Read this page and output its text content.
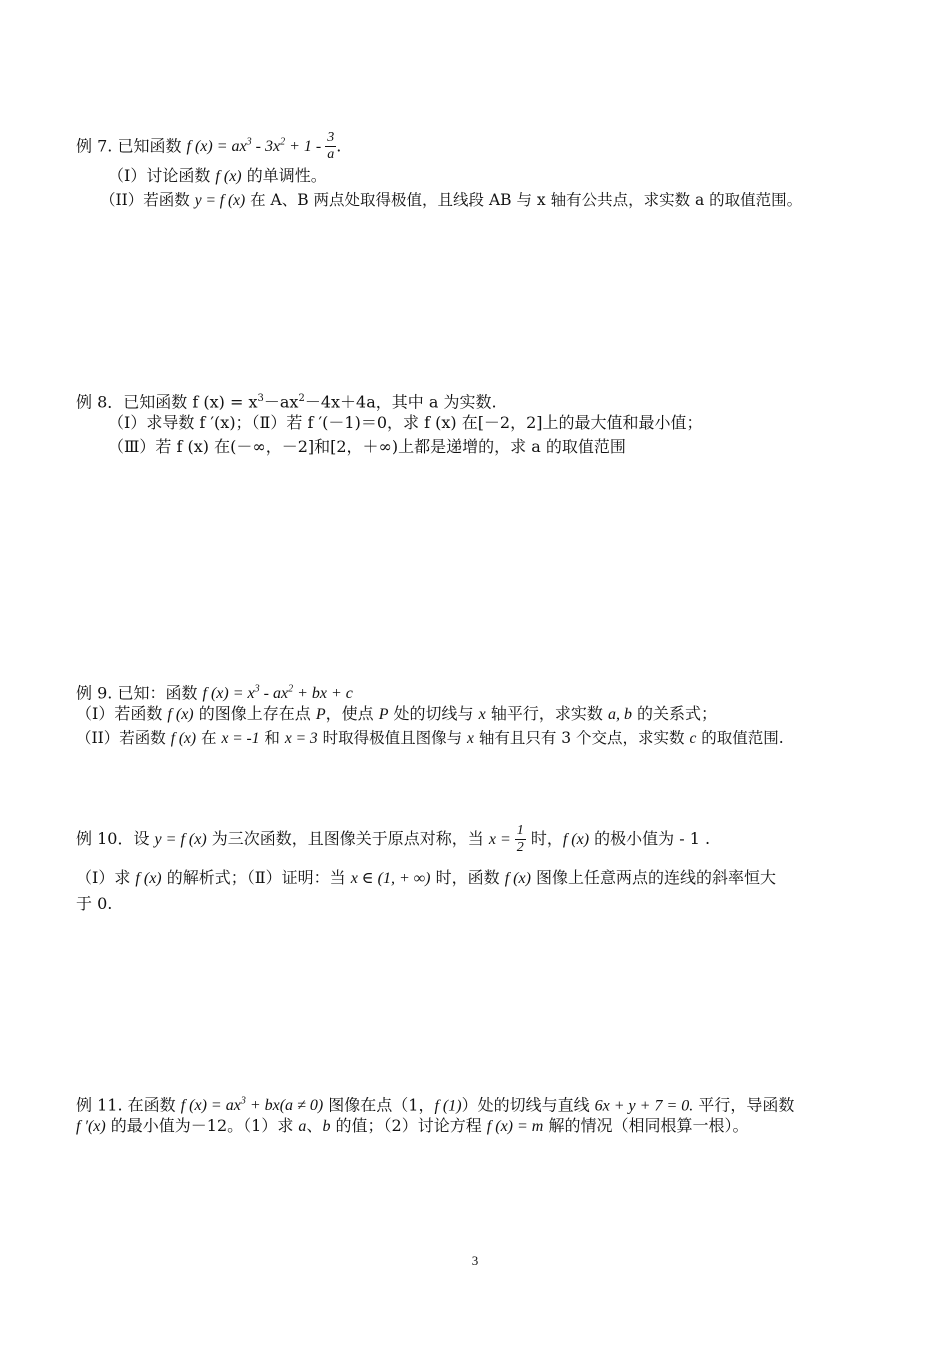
例 7. 已知函数 f $(x) = ax^3 - 3x^2 + 1 - \frac{3}{a}$ .
（I）讨论函数 f (x) 的单调性。
（II）若函数 y = f (x) 在 A、B 两点处取得极值，且线段 AB 与 x 轴有公共点，求实数 a 的取值范围。
例 8．已知函数 f $(x) = x^3-ax^2-4x+4a$，其中 a 为实数.
（Ⅰ）求导数 f ′(x)；（Ⅱ）若 f ′(－1)＝0，求 f (x) 在[－2，2]上的最大值和最小值；
（Ⅲ）若 f (x) 在(－∞，－2]和[2，＋∞)上都是递增的，求 a 的取值范围
例 9. 已知：函数 f $(x) = x^3 - ax^2$ + bx + c
（I）若函数 f (x) 的图像上存在点 P，使点 P 处的切线与 x 轴平行，求实数 a, b 的关系式；
（II）若函数 f (x) 在 x = -1 和 x = 3 时取得极值且图像与 x 轴有且只有 3 个交点，求实数 c 的取值范围.
例 10．设 y = f (x) 为三次函数，且图像关于原点对称，当 $x = \frac{1}{2}$ 时，f (x) 的极小值为 - 1 .
（Ⅰ）求 f (x) 的解析式；（Ⅱ）证明：当 x ∈ (1, + ∞) 时，函数 f (x) 图像上任意两点的连线的斜率恒大
于 0.
例 11. 在函数 f $(x) = ax^3 + bx(a \ne 0)$ 图像在点（1，f (1)）处的切线与直线 6x + y + 7 = 0. 平行，导函数
f ′(x) 的最小值为－12。（1）求 a、b 的值；（2）讨论方程 f (x) = m 解的情况（相同根算一根）。
3
